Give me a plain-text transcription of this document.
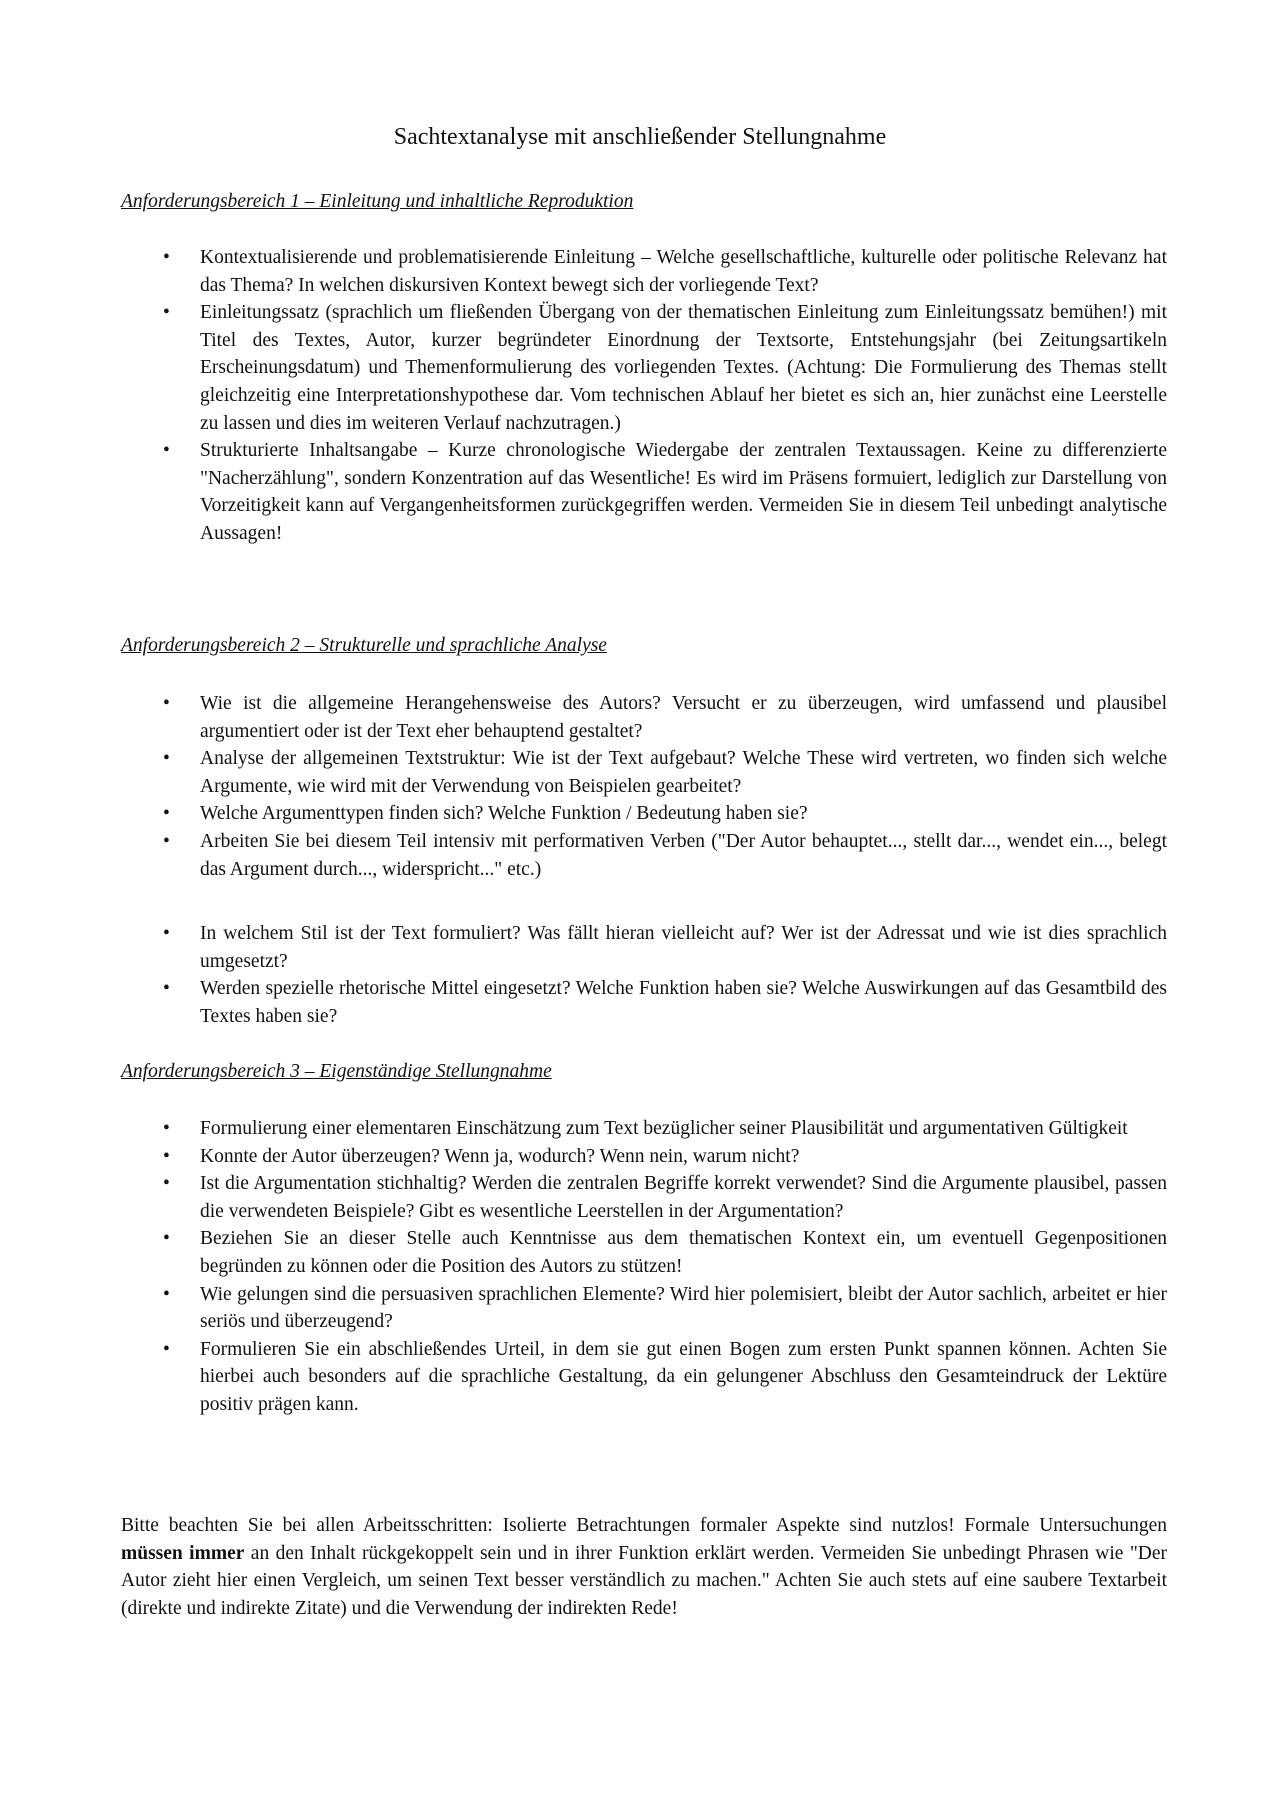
Sachtextanalyse mit anschließender Stellungnahme
Anforderungsbereich 1 – Einleitung und inhaltliche Reproduktion
• Kontextualisierende und problematisierende Einleitung – Welche gesellschaftliche, kulturelle oder politische Relevanz hat das Thema? In welchen diskursiven Kontext bewegt sich der vorliegende Text?
• Einleitungssatz (sprachlich um fließenden Übergang von der thematischen Einleitung zum Einleitungssatz bemühen!) mit Titel des Textes, Autor, kurzer begründeter Einordnung der Textsorte, Entstehungsjahr (bei Zeitungsartikeln Erscheinungsdatum) und Themenformulierung des vorliegenden Textes. (Achtung: Die Formulierung des Themas stellt gleichzeitig eine Interpretationshypothese dar. Vom technischen Ablauf her bietet es sich an, hier zunächst eine Leerstelle zu lassen und dies im weiteren Verlauf nachzutragen.)
• Strukturierte Inhaltsangabe – Kurze chronologische Wiedergabe der zentralen Textaussagen. Keine zu differenzierte "Nacherzählung", sondern Konzentration auf das Wesentliche! Es wird im Präsens formuiert, lediglich zur Darstellung von Vorzeitigkeit kann auf Vergangenheitsformen zurückgegriffen werden. Vermeiden Sie in diesem Teil unbedingt analytische Aussagen!
Anforderungsbereich 2 – Strukturelle und sprachliche Analyse
• Wie ist die allgemeine Herangehensweise des Autors? Versucht er zu überzeugen, wird umfassend und plausibel argumentiert oder ist der Text eher behauptend gestaltet?
• Analyse der allgemeinen Textstruktur: Wie ist der Text aufgebaut? Welche These wird vertreten, wo finden sich welche Argumente, wie wird mit der Verwendung von Beispielen gearbeitet?
• Welche Argumenttypen finden sich? Welche Funktion / Bedeutung haben sie?
• Arbeiten Sie bei diesem Teil intensiv mit performativen Verben ("Der Autor behauptet..., stellt dar..., wendet ein..., belegt das Argument durch..., widerspricht..." etc.)
• In welchem Stil ist der Text formuliert? Was fällt hieran vielleicht auf? Wer ist der Adressat und wie ist dies sprachlich umgesetzt?
• Werden spezielle rhetorische Mittel eingesetzt? Welche Funktion haben sie? Welche Auswirkungen auf das Gesamtbild des Textes haben sie?
Anforderungsbereich 3 – Eigenständige Stellungnahme
• Formulierung einer elementaren Einschätzung zum Text bezüglicher seiner Plausibilität und argumentativen Gültigkeit
• Konnte der Autor überzeugen? Wenn ja, wodurch? Wenn nein, warum nicht?
• Ist die Argumentation stichhaltig? Werden die zentralen Begriffe korrekt verwendet? Sind die Argumente plausibel, passen die verwendeten Beispiele? Gibt es wesentliche Leerstellen in der Argumentation?
• Beziehen Sie an dieser Stelle auch Kenntnisse aus dem thematischen Kontext ein, um eventuell Gegenpositionen begründen zu können oder die Position des Autors zu stützen!
• Wie gelungen sind die persuasiven sprachlichen Elemente? Wird hier polemisiert, bleibt der Autor sachlich, arbeitet er hier seriös und überzeugend?
• Formulieren Sie ein abschließendes Urteil, in dem sie gut einen Bogen zum ersten Punkt spannen können. Achten Sie hierbei auch besonders auf die sprachliche Gestaltung, da ein gelungener Abschluss den Gesamteindruck der Lektüre positiv prägen kann.
Bitte beachten Sie bei allen Arbeitsschritten: Isolierte Betrachtungen formaler Aspekte sind nutzlos! Formale Untersuchungen müssen immer an den Inhalt rückgekoppelt sein und in ihrer Funktion erklärt werden. Vermeiden Sie unbedingt Phrasen wie "Der Autor zieht hier einen Vergleich, um seinen Text besser verständlich zu machen." Achten Sie auch stets auf eine saubere Textarbeit (direkte und indirekte Zitate) und die Verwendung der indirekten Rede!
